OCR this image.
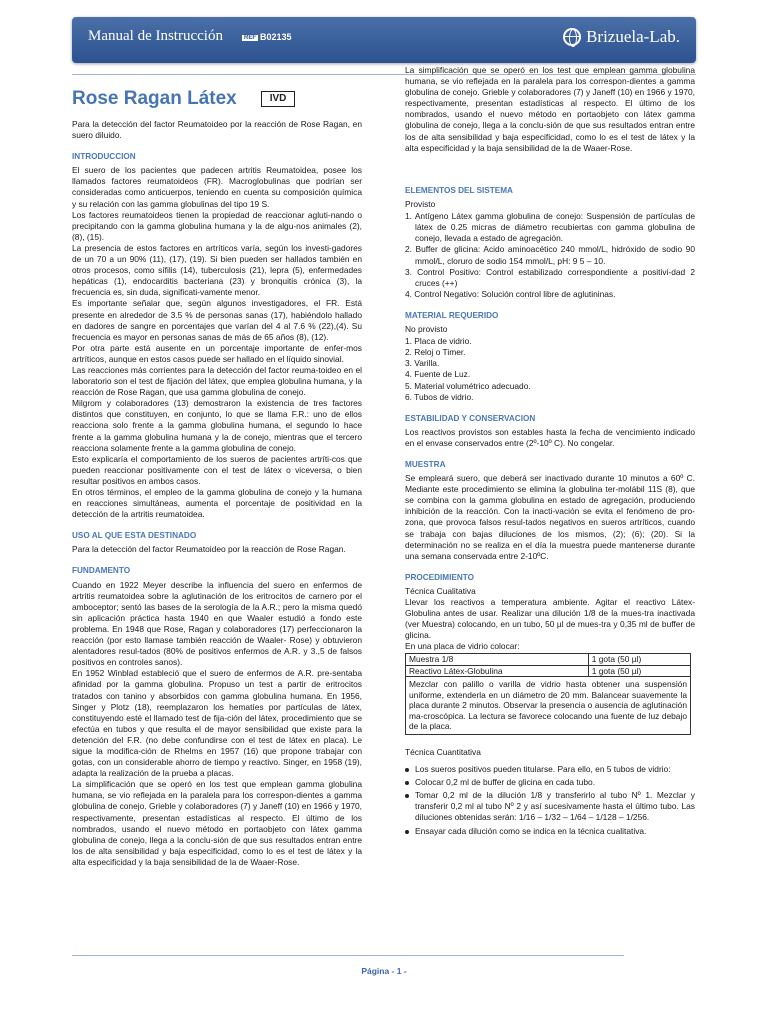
Manual de Instrucción	REF B02135	Brizuela-Lab.
Rose Ragan Látex	IVD

Para la detección del factor Reumatoideo por la reacción de Rose Ragan, en suero diluido.

INTRODUCCION

El suero de los pacientes que padecen artritis Reumatoidea, posee los llamados factores reumatoideos (FR). Macroglobulinas que podrían ser consideradas como anticuerpos, teniendo en cuenta su composición química y su relación con las gamma globulinas del tipo 19 S.

Los factores reumatoideos tienen la propiedad de reaccionar agluti-nando o precipitando con la gamma globulina humana y la de algu-nos animales (2), (8), (15).

La presencia de estos factores en artríticos varía, según los investi-gadores de un 70 a un 90% (11), (17), (19). Si bien pueden ser hallados también en otros procesos, como sífilis (14), tuberculosis (21), lepra (5), enfermedades hepáticas (1), endocarditis bacteriana (23) y bronquitis crónica (3), la frecuencia es, sin duda, significati-vamente menor.

Es importante señalar que, según algunos investigadores, el FR. Está presente en alrededor de 3.5 % de personas sanas (17), habiéndolo hallado en dadores de sangre en porcentajes que varían del 4 al 7.6 % (22),(4). Su frecuencia es mayor en personas sanas de más de 65 años (8), (12).

Por otra parte está ausente en un porcentaje importante de enfer-mos artríticos, aunque en estos casos puede ser hallado en el líquido sinovial.

Las reacciones más corrientes para la detección del factor reuma-toideo en el laboratorio son el test de fijación del látex, que emplea globulina humana, y la reacción de Rose Ragan, que usa gamma globulina de conejo.

Milgrom y colaboradores (13) demostraron la existencia de tres factores distintos que constituyen, en conjunto, lo que se llama F.R.: uno de ellos reacciona solo frente a la gamma globulina humana, el segundo lo hace frente a la gamma globulina humana y la de conejo, mientras que el tercero reacciona solamente frente a la gamma globulina de conejo.

Esto explicaría el comportamiento de los sueros de pacientes artríti-cos que pueden reaccionar positivamente con el test de látex o viceversa, o bien resultar positivos en ambos casos.

En otros términos, el empleo de la gamma globulina de conejo y la humana en reacciones simultáneas, aumenta el porcentaje de positividad en la detección de la artritis reumatoidea.

USO AL QUE ESTA DESTINADO

Para la detección del factor Reumatoideo por la reacción de Rose Ragan.

FUNDAMENTO

Cuando en 1922 Meyer describe la influencia del suero en enfermos de artritis reumatoidea sobre la aglutinación de los eritrocitos de carnero por el amboceptor; sentó las bases de la serología de la A.R.; pero la misma quedó sin aplicación práctica hasta 1940 en que Waaler estudió a fondo este problema. En 1948 que Rose, Ragan y colaboradores (17) perfeccionaron la reacción (por esto llamase también reacción de Waaler- Rose) y obtuvieron alentadores resul-tados (80% de positivos enfermos de A.R. y 3.,5 de falsos positivos en controles sanos).

En 1952 Winblad estableció que el suero de enfermos de A.R. pre-sentaba afinidad por la gamma globulina. Propuso un test a partir de eritrocitos tratados con tanino y absorbidos con gamma globulina humana. En 1956, Singer y Plotz (18), reemplazaron los hematíes por partículas de látex, constituyendo esté el llamado test de fija-ción del látex, procedimiento que se efectúa en tubos y que resulta el de mayor sensibilidad que existe para la detención del F.R. (no debe confundirse con el test de látex en placa). Le sigue la modifica-ción de Rhelms en 1957 (16) que propone trabajar con gotas, con un considerable ahorro de tiempo y reactivo. Singer, en 1958 (19), adapta la realización de la prueba a placas.

La simplificación que se operó en los test que emplean gamma globulina humana, se vio reflejada en la paralela para los correspon-dientes a gamma globulina de conejo. Grieble y colaboradores (7) y Janeff (10) en 1966 y 1970, respectivamente, presentan estadísticas al respecto. El último de los nombrados, usando el nuevo método en portaobjeto con látex gamma globulina de conejo, llega a la conclu-sión de que sus resultados entran entre los de alta sensibilidad y baja especificidad, como lo es el test de látex y la alta especificidad y la baja sensibilidad de la de Waaer-Rose.

La simplificación que se operó en los test que emplean gamma globulina humana, se vio reflejada en la paralela para los correspon-dientes a gamma globulina de conejo. Grieble y colaboradores (7) y Janeff (10) en 1966 y 1970, respectivamente, presentan estadísticas al respecto. El último de los nombrados, usando el nuevo método en portaobjeto con látex gamma globulina de conejo, llega a la conclu-sión de que sus resultados entran entre los de alta sensibilidad y baja especificidad, como lo es el test de látex y la alta especificidad y la baja sensibilidad de la de Waaer-Rose.

ELEMENTOS DEL SISTEMA
Provisto
1. Antígeno Látex gamma globulina de conejo: Suspensión de partículas de látex de 0.25 micras de diámetro recubiertas con gamma globulina de conejo, llevada a estado de agregación.
2. Buffer de glicina: Acido aminoacético 240 mmol/L, hidróxido de sodio 90 mmol/L, cloruro de sodio 154 mmol/L, pH: 9 5 – 10.
3. Control Positivo: Control estabilizado correspondiente a positivi-dad 2 cruces (++)
4. Control Negativo: Solución control libre de aglutininas.
MATERIAL REQUERIDO
No provisto
1. Placa de vidrio.
2. Reloj o Timer.
3. Varilla.
4. Fuente de Luz.
5. Material volumétrico adecuado.
6. Tubos de vidrio.
ESTABILIDAD Y CONSERVACION

Los reactivos provistos son estables hasta la fecha de vencimiento indicado en el envase conservados entre (2º-10º C). No congelar.

MUESTRA

Se empleará suero, que deberá ser inactivado durante 10 minutos a 60º C. Mediante este procedimiento se elimina la globulina ter-molábil 11S (8), que se combina con la gamma globulina en estado de agregación, produciendo inhibición de la reacción. Con la inacti-vación se evita el fenómeno de pro-zona, que provoca falsos resul-tados negativos en sueros artríticos, cuando se trabaja con bajas diluciones de los mismos, (2); (6); (20). Si la determinación no se realiza en el día la muestra puede mantenerse durante una semana conservada entre 2-10ºC.

PROCEDIMIENTO
Técnica Cualitativa

Llevar los reactivos a temperatura ambiente. Agitar el reactivo Látex-Globulina antes de usar. Realizar una dilución 1/8 de la mues-tra inactivada (ver Muestra) colocando, en un tubo, 50 µl de mues-tra y 0,35 ml de buffer de glicina.

En una placa de vidrio colocar:
Muestra 1/8	1 gota (50 µl)
Reactivo Látex-Globulina	1 gota (50 µl)
Mezclar con palillo o varilla de vidrio hasta obtener una suspensión uniforme, extenderla en un diámetro de 20 mm. Balancear suavemente la placa durante 2 minutos. Observar la presencia o ausencia de aglutinación ma-croscópica. La lectura se favorece colocando una fuente de luz debajo de la placa.	
Técnica Cuantitativa
Los sueros positivos pueden titularse. Para ello, en 5 tubos de vidrio:
Colocar 0,2 ml de buffer de glicina en cada tubo.
Tomar 0,2 ml de la dilución 1/8 y transferirlo al tubo Nº 1. Mezclar y transferir 0,2 ml al tubo Nº 2 y así sucesivamente hasta el último tubo. Las diluciones obtenidas serán: 1/16 – 1/32 – 1/64 – 1/128 – 1/256.
Ensayar cada dilución como se indica en la técnica cualitativa.
Página - 1 -
